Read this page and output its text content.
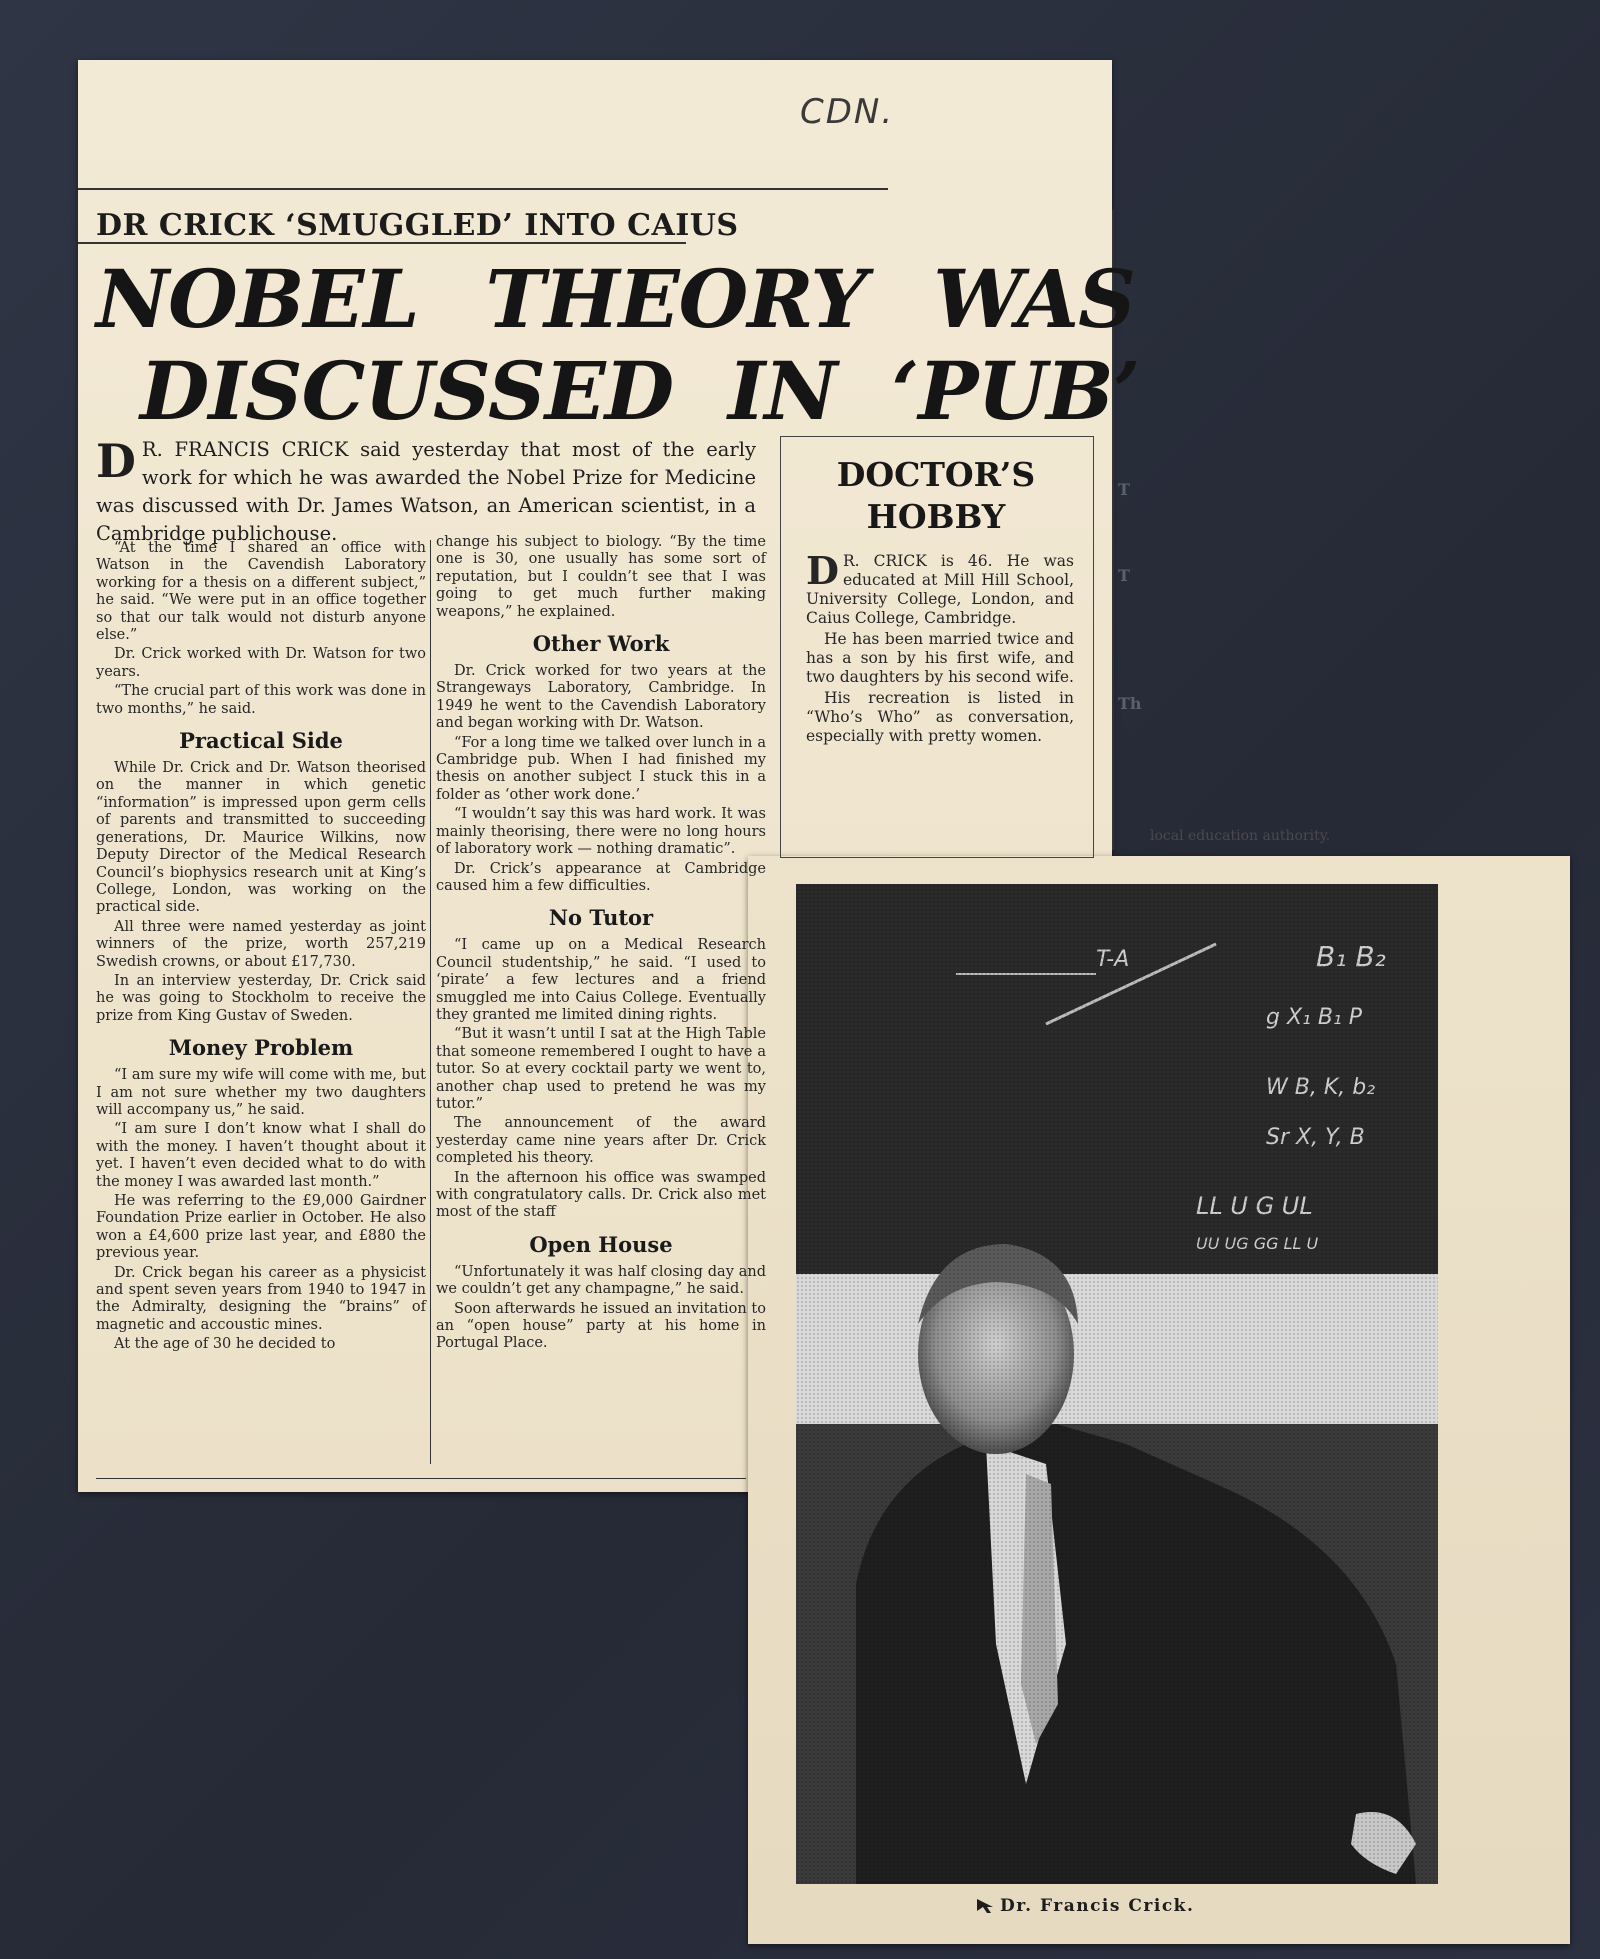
T
T
Th
local education authority.
CDN.
DR CRICK ‘SMUGGLED’ INTO CAIUS
NOBEL THEORY WAS
DISCUSSED IN ‘PUB’
D R. FRANCIS CRICK said yesterday that most of the early work for which he was awarded the Nobel Prize for Medicine was discussed with Dr. James Watson, an American scientist, in a Cambridge publichouse.

“At the time I shared an office with Watson in the Cavendish Laboratory working for a thesis on a different subject,” he said. “We were put in an office together so that our talk would not disturb anyone else.”

Dr. Crick worked with Dr. Watson for two years.

“The crucial part of this work was done in two months,” he said.

Practical Side

While Dr. Crick and Dr. Watson theorised on the manner in which genetic “information” is impressed upon germ cells of parents and transmitted to succeeding generations, Dr. Maurice Wilkins, now Deputy Director of the Medical Research Council’s biophysics research unit at King’s College, London, was working on the practical side.

All three were named yesterday as joint winners of the prize, worth 257,219 Swedish crowns, or about £17,730.

In an interview yesterday, Dr. Crick said he was going to Stockholm to receive the prize from King Gustav of Sweden.

Money Problem

“I am sure my wife will come with me, but I am not sure whether my two daughters will accompany us,” he said.

“I am sure I don’t know what I shall do with the money. I haven’t thought about it yet. I haven’t even decided what to do with the money I was awarded last month.”

He was referring to the £9,000 Gairdner Foundation Prize earlier in October. He also won a £4,600 prize last year, and £880 the previous year.

Dr. Crick began his career as a physicist and spent seven years from 1940 to 1947 in the Admiralty, designing the “brains” of magnetic and accoustic mines.

At the age of 30 he decided to

change his subject to biology. “By the time one is 30, one usually has some sort of reputation, but I couldn’t see that I was going to get much further making weapons,” he explained.

Other Work

Dr. Crick worked for two years at the Strangeways Laboratory, Cambridge. In 1949 he went to the Cavendish Laboratory and began working with Dr. Watson.

“For a long time we talked over lunch in a Cambridge pub. When I had finished my thesis on another subject I stuck this in a folder as ‘other work done.’

“I wouldn’t say this was hard work. It was mainly theorising, there were no long hours of laboratory work — nothing dramatic”.

Dr. Crick’s appearance at Cambridge caused him a few difficulties.

No Tutor

“I came up on a Medical Research Council studentship,” he said. “I used to ‘pirate’ a few lectures and a friend smuggled me into Caius College. Eventually they granted me limited dining rights.

“But it wasn’t until I sat at the High Table that someone remembered I ought to have a tutor. So at every cocktail party we went to, another chap used to pretend he was my tutor.”

The announcement of the award yesterday came nine years after Dr. Crick completed his theory.

In the afternoon his office was swamped with congratulatory calls. Dr. Crick also met most of the staff

Open House

“Unfortunately it was half closing day and we couldn’t get any champagne,” he said.

Soon afterwards he issued an invitation to an “open house” party at his home in Portugal Place.

DOCTOR’S
HOBBY

D R. CRICK is 46. He was educated at Mill Hill School, University College, London, and Caius College, Cambridge.

He has been married twice and has a son by his first wife, and two daughters by his second wife.

His recreation is listed in “Who’s Who” as conversation, especially with pretty women.

Dr. Francis Crick.
